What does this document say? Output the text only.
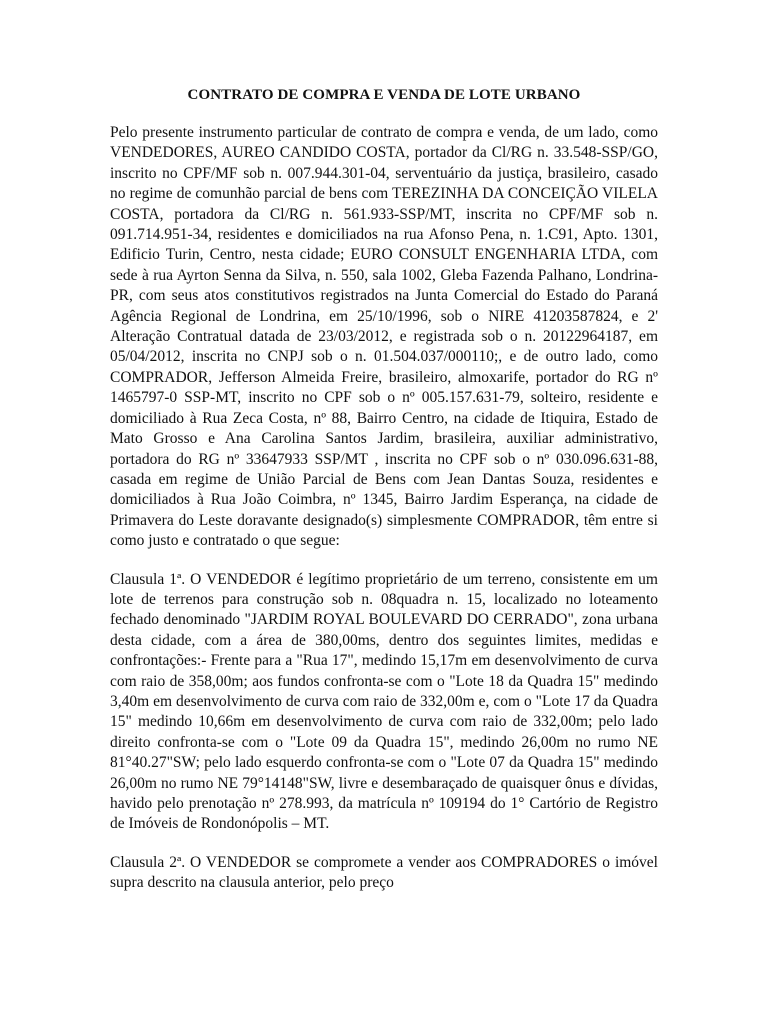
CONTRATO DE COMPRA E VENDA DE LOTE URBANO

Pelo presente instrumento particular de contrato de compra e venda, de um lado, como VENDEDORES, AUREO CANDIDO COSTA, portador da Cl/RG n. 33.548-SSP/GO, inscrito no CPF/MF sob n. 007.944.301-04, serventuário da justiça, brasileiro, casado no regime de comunhão parcial de bens com TEREZINHA DA CONCEIÇÃO VILELA COSTA, portadora da Cl/RG n. 561.933-SSP/MT, inscrita no CPF/MF sob n. 091.714.951-34, residentes e domiciliados na rua Afonso Pena, n. 1.C91, Apto. 1301, Edificio Turin, Centro, nesta cidade; EURO CONSULT ENGENHARIA LTDA, com sede à rua Ayrton Senna da Silva, n. 550, sala 1002, Gleba Fazenda Palhano, Londrina-PR, com seus atos constitutivos registrados na Junta Comercial do Estado do Paraná Agência Regional de Londrina, em 25/10/1996, sob o NIRE 41203587824, e 2' Alteração Contratual datada de 23/03/2012, e registrada sob o n. 20122964187, em 05/04/2012, inscrita no CNPJ sob o n. 01.504.037/000110;, e de outro lado, como COMPRADOR, Jefferson Almeida Freire, brasileiro, almoxarife, portador do RG nº 1465797-0 SSP-MT, inscrito no CPF sob o nº 005.157.631-79, solteiro, residente e domiciliado à Rua Zeca Costa, nº 88, Bairro Centro, na cidade de Itiquira, Estado de Mato Grosso e Ana Carolina Santos Jardim, brasileira, auxiliar administrativo, portadora do RG nº 33647933 SSP/MT , inscrita no CPF sob o nº 030.096.631-88, casada em regime de União Parcial de Bens com Jean Dantas Souza, residentes e domiciliados à Rua João Coimbra, nº 1345, Bairro Jardim Esperança, na cidade de Primavera do Leste doravante designado(s) simplesmente COMPRADOR, têm entre si como justo e contratado o que segue:

Clausula 1ª. O VENDEDOR é legítimo proprietário de um terreno, consistente em um lote de terrenos para construção sob n. 08quadra n. 15, localizado no loteamento fechado denominado "JARDIM ROYAL BOULEVARD DO CERRADO", zona urbana desta cidade, com a área de 380,00ms, dentro dos seguintes limites, medidas e confrontações:- Frente para a "Rua 17", medindo 15,17m em desenvolvimento de curva com raio de 358,00m; aos fundos confronta-se com o "Lote 18 da Quadra 15" medindo 3,40m em desenvolvimento de curva com raio de 332,00m e, com o "Lote 17 da Quadra 15" medindo 10,66m em desenvolvimento de curva com raio de 332,00m; pelo lado direito confronta-se com o "Lote 09 da Quadra 15", medindo 26,00m no rumo NE 81°40.27"SW; pelo lado esquerdo confronta-se com o "Lote 07 da Quadra 15" medindo 26,00m no rumo NE 79°14148"SW, livre e desembaraçado de quaisquer ônus e dívidas, havido pelo prenotação nº 278.993, da matrícula nº 109194 do 1° Cartório de Registro de Imóveis de Rondonópolis – MT.

Clausula 2ª. O VENDEDOR se compromete a vender aos COMPRADORES o imóvel supra descrito na clausula anterior, pelo preço
